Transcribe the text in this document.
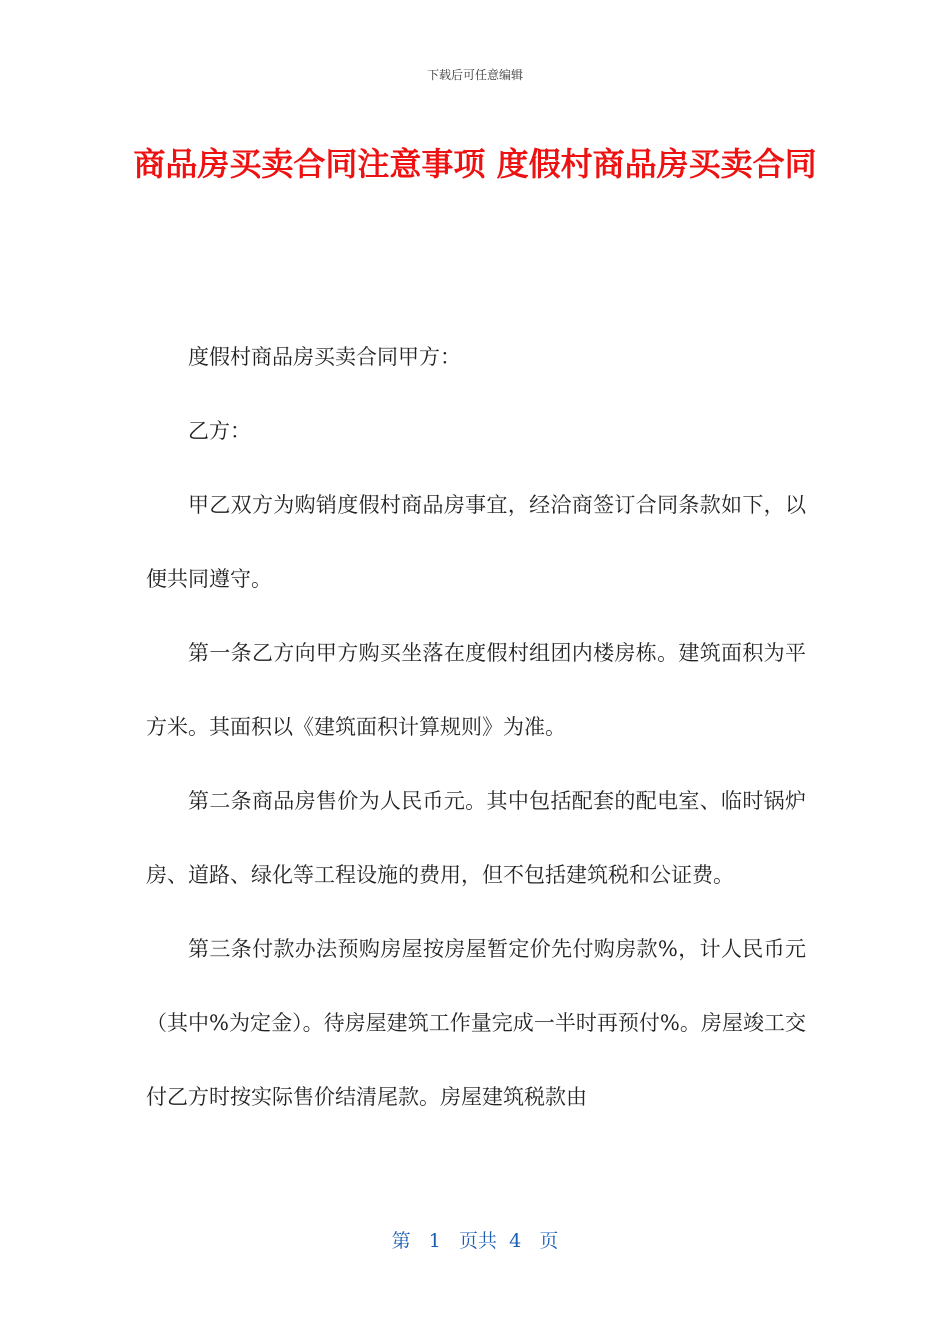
下载后可任意编辑
商品房买卖合同注意事项 度假村商品房买卖合同

度假村商品房买卖合同甲方：

乙方：

甲乙双方为购销度假村商品房事宜，经洽商签订合同条款如下，以便共同遵守。

第一条乙方向甲方购买坐落在度假村组团内楼房栋。建筑面积为平方米。其面积以《建筑面积计算规则》为准。

第二条商品房售价为人民币元。其中包括配套的配电室、临时锅炉房、道路、绿化等工程设施的费用，但不包括建筑税和公证费。

第三条付款办法预购房屋按房屋暂定价先付购房款%，计人民币元（其中%为定金）。待房屋建筑工作量完成一半时再预付%。房屋竣工交付乙方时按实际售价结清尾款。房屋建筑税款由

第 1 页共 4 页
